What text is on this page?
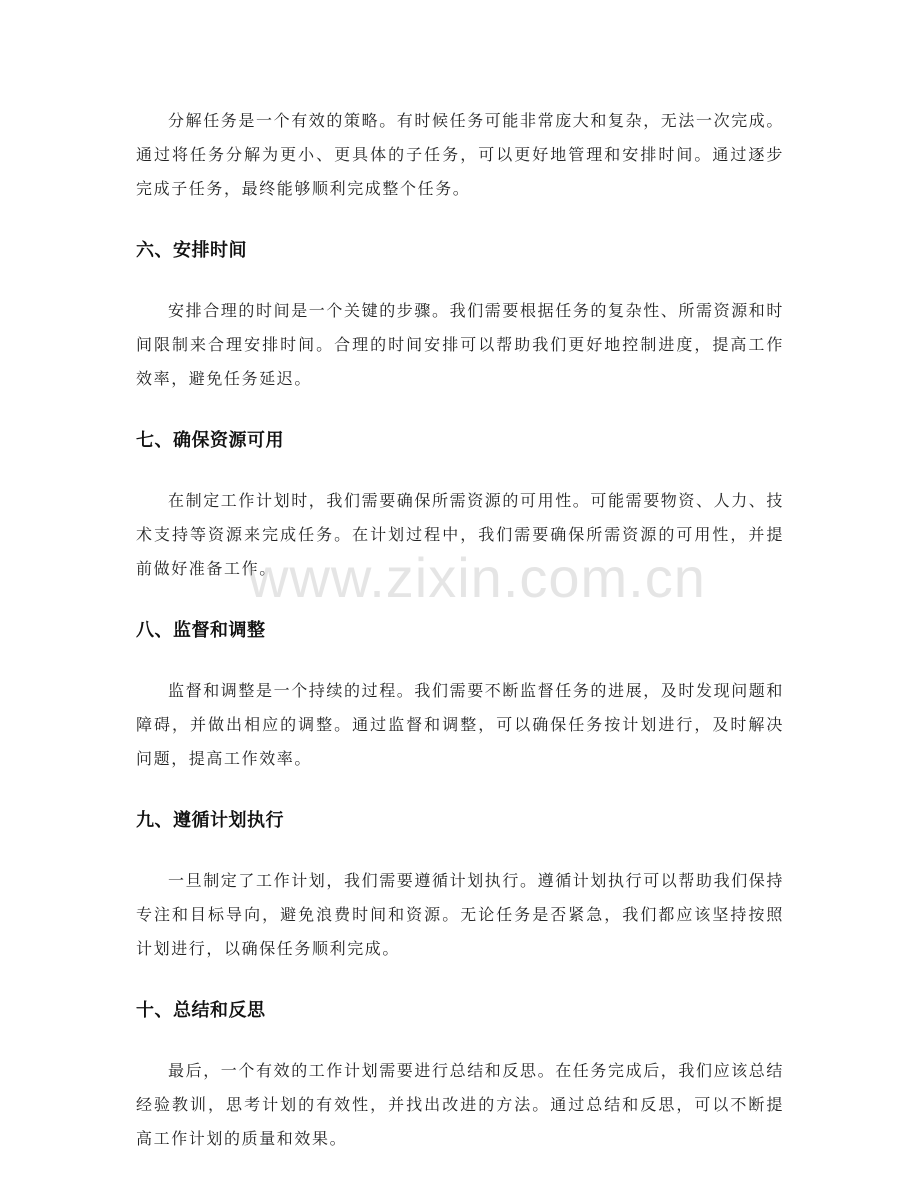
分解任务是一个有效的策略。有时候任务可能非常庞大和复杂，无法一次完成。通过将任务分解为更小、更具体的子任务，可以更好地管理和安排时间。通过逐步完成子任务，最终能够顺利完成整个任务。

六、安排时间

安排合理的时间是一个关键的步骤。我们需要根据任务的复杂性、所需资源和时间限制来合理安排时间。合理的时间安排可以帮助我们更好地控制进度，提高工作效率，避免任务延迟。

七、确保资源可用

在制定工作计划时，我们需要确保所需资源的可用性。可能需要物资、人力、技术支持等资源来完成任务。在计划过程中，我们需要确保所需资源的可用性，并提前做好准备工作。

八、监督和调整

监督和调整是一个持续的过程。我们需要不断监督任务的进展，及时发现问题和障碍，并做出相应的调整。通过监督和调整，可以确保任务按计划进行，及时解决问题，提高工作效率。

九、遵循计划执行

一旦制定了工作计划，我们需要遵循计划执行。遵循计划执行可以帮助我们保持专注和目标导向，避免浪费时间和资源。无论任务是否紧急，我们都应该坚持按照计划进行，以确保任务顺利完成。

十、总结和反思

最后，一个有效的工作计划需要进行总结和反思。在任务完成后，我们应该总结经验教训，思考计划的有效性，并找出改进的方法。通过总结和反思，可以不断提高工作计划的质量和效果。

www.zixin.com.cn
